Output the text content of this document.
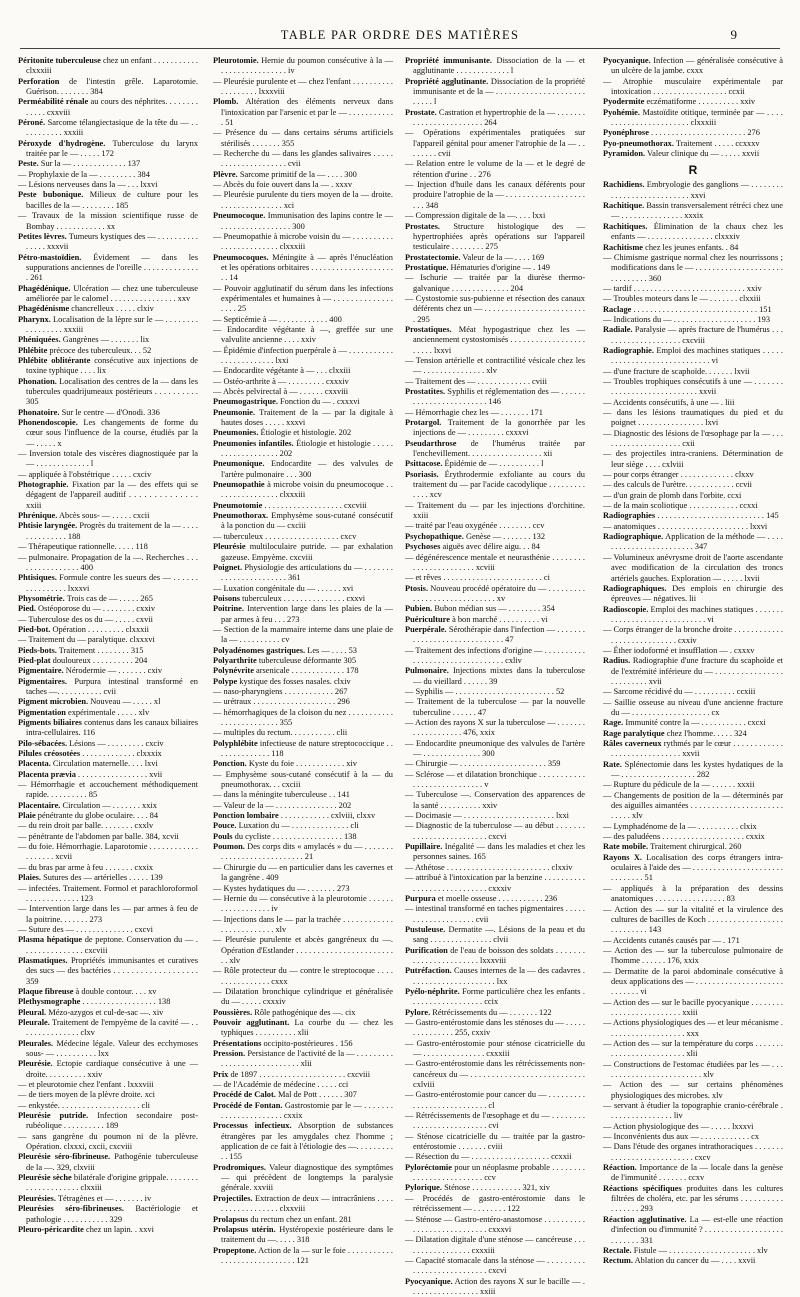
TABLE PAR ORDRE DES MATIÈRES	9
Péritonite tuberculeuse chez un enfant . . . . . . . . . . . clxxxiii
Perforation de l'intestin grêle. Laparotomie. Guérison. . . . . . . . 384
Perméabilité rénale au cours des néphrites. . . . . . . . . . . . . cxxviii
Péroné. Sarcome télangiectasique de la tête du — . . . . . . . . . . . xxxiii
Péroxyde d'hydrogène. Tuberculose du larynx traitée par le — . . . . . 172
Peste. Sur la — . . . . . . . . . . . . . 137
— Prophylaxie de la — . . . . . . . . . 384
— Lésions nerveuses dans la — . . . lxxvi
Peste bubonique. Milieux de culture pour les bacilles de la — . . . . . . . . 185
— Travaux de la mission scientifique russe de Bombay . . . . . . . . . . . . xx
Petites lèvres. Tumeurs kystiques des — . . . . . . . . . . . . . . . xxxvii
Pétro-mastoïdien. Évidement — dans les suppurations anciennes de l'oreille . . . . . . . . . . . . . . 261
Phagédénique. Ulcération — chez une tuberculeuse améliorée par le calomel . . . . . . . . . . . . . . . . xxv
Phagédénisme chancrelleux . . . . . clxiv
Pharynx. Localisation de la lèpre sur le — . . . . . . . . . . . . . . . . . xxxiii
Phéniquées. Gangrènes — . . . . . . . lix
Phlébite précoce des tuberculeux. . . 52
Phlébite oblitérante consécutive aux injections de toxine typhique . . . . lix
Phonation. Localisation des centres de la — dans les tubercules quadrijumeaux postérieurs . . . . . . . . . . 305
Phonatoire. Sur le centre — d'Onodi. 336
Phonendoscopie. Les changements de forme du cœur sous l'influence de la course, étudiés par la — . . . . . x
— Inversion totale des viscères diagnostiquée par la — . . . . . . . . . . . . . l
— appliquée à l'obstétrique . . . . . cxciv
Photographie. Fixation par la — des effets qui se dégagent de l'appareil auditif . . . . . . . . . . . . . . xxiii
Phrénique. Abcès sous- — . . . . . cxcii
Phtisie laryngée. Progrès du traitement de la — . . . . . . . . . . . . . . 188
— Thérapeutique rationnelle. . . . . 118
— pulmonaire. Propagation de la —. Recherches . . . . . . . . . . . . . . . . 400
Phtisiques. Formule contre les sueurs des — . . . . . . . . . . . . . . . . lxxxvi
Physométrie. Trois cas de — . . . . . 265
Pied. Ostéoporose du — . . . . . . . . cxxiv
— Tuberculose des os du — . . . . . cxvii
Pied-bot. Opération . . . . . . . . . clxxxii
— Traitement du — paralytique. clxxxvi
Pieds-bots. Traitement . . . . . . . . 315
Pied-plat douloureux . . . . . . . . . . 204
Pigmentaire. Nérodermie — . . . . . . . cxiv
Pigmentaires. Purpura intestinal transformé en taches —. . . . . . . . . . . cvii
Pigment microbien. Nouveau — . . . . . xl
Pigmentation expérimentale . . . . . xlv
Pigments biliaires contenus dans les canaux biliaires intra-cellulaires. 116
Pilo-sébacées. Lésions — . . . . . . . . . cxciv
Pilules créosotées . . . . . . . . . . . . . clxxxix
Placenta. Circulation maternelle. . . . lxvi
Placenta prævia . . . . . . . . . . . . . . . . . xvii
— Hémorrhagie et accouchement méthodiquement rapide. . . . . . . . . . 85
Placentaire. Circulation — . . . . . . . xxix
Plaie pénétrante du globe oculaire. . . . 84
— du rein droit par balle. . . . . . . . cxxlv
— pénétrante de l'abdomen par balle. 384, xcvii
— du foie. Hémorrhagie. Laparotomie . . . . . . . . . . . . . . . . . . . xcvii
— du bras par arme à feu . . . . . . . cxxix
Plaies. Sutures des — artérielles . . . . . 139
— infectées. Traitement. Formol et parachloroformol . . . . . . . . . . . . . 123
— Intervention large dans les — par armes à feu de la poitrine. . . . . . . 273
— Suture des — . . . . . . . . . . . . . . cxcvi
Plasma hépatique de peptone. Conservation du — . . . . . . . . . . . . . . . cxcviii
Plasmatiques. Propriétés immunisantes et curatives des sucs — des bactéries . . . . . . . . . . . . . . . . . . . 359
Plaque fibreuse à double contour. . . . xv
Plethysmographe . . . . . . . . . . . . . . . . . . 138
Pleural. Mézo-azygos et cul-de-sac —. xiv
Pleurale. Traitement de l'empyème de la cavité — . . . . . . . . . . . . . . . clxv
Pleurales. Médecine légale. Valeur des ecchymoses sous- — . . . . . . . . . . lxx
Pleurésie. Ectopie cardiaque consécutive à une — droite. . . . . . . . . . xxiv
— et pleurotomie chez l'enfant . lxxxviii
— de tiers moyen de la plèvre droite. xci
— enkystée. . . . . . . . . . . . . . . . . . . . cli
Pleurésie putride. Infection secondaire post-rubéolique . . . . . . . . . . 189
— sans gangrène du poumon ni de la plèvre. Opération. clxxxi, cxcii, cxcviii
Pleurésie séro-fibrineuse. Pathogénie tuberculeuse de la —. 329, clxviii
Pleurésie sèche bilatérale d'origine grippale. . . . . . . . . . . . . . . . . . . . . clxxiii
Pleurésies. Tétragènes et — . . . . . . . iv
Pleurésies séro-fibrineuses. Bactériologie et pathologie . . . . . . . . . . . 329
Pleuro-péricardite chez un lapin. . xxvi
Pleurotomie. Hernie du poumon consécutive à la — . . . . . . . . . . . . . . . . iv
— Pleurésie purulente et — chez l'enfant . . . . . . . . . . . . . . . . . . . lxxxviii
Plomb. Altération des éléments nerveux dans l'intoxication par l'arsenic et par le — . . . . . . . . . . . . 51
— Présence du — dans certains sérums artificiels stérilisés . . . . . . . 355
— Recherche du — dans les glandes salivaires . . . . . . . . . . . . . . . . . . . . . cvii
Plèvre. Sarcome primitif de la — . . . . 300
— Abcès du foie ouvert dans la — . xxxv
— Pleurésie purulente du tiers moyen de la — droite. . . . . . . . . . . . . . . . xci
Pneumocoque. Immunisation des lapins contre le — . . . . . . . . . . . . . . . . . 300
— Pneumopathie à microbe voisin du — . . . . . . . . . . . . . . . . . . . . . . . . clxxxiii
Pneumocoques. Méningite à — après l'énucléation et les opérations orbitaires . . . . . . . . . . . . . . . . . . . . . . 14
— Pouvoir agglutinatif du sérum dans les infections expérimentales et humaines à — . . . . . . . . . . . . . . . . . . 25
— Septicémie à — . . . . . . . . . . . . 400
— Endocardite végétante à —, greffée sur une valvulite ancienne . . . . xxiv
— Épidémie d'infection puerpérale à — . . . . . . . . . . . . . . . . . . . . . . . . lxxi
— Endocardite végétante à — . . . clxxiii
— Ostéo-arthrite à — . . . . . . . . . cxxxiv
— Abcès pelvirectal à — . . . . . . cxxviii
Pneumogastrique. Fonction du — . cxxxvi
Pneumonie. Traitement de la — par la digitale à hautes doses . . . . . xxxvi
Pneumonies. Étiologie et histologie. 202
Pneumonies infantiles. Étiologie et histologie . . . . . . . . . . . . . . . . . . . 202
Pneumonique. Endocardite — des valvules de l'artère pulmonaire . . . 300
Pneumopathie à microbe voisin du pneumocoque . . . . . . . . . . . . . . . . clxxxiii
Pneumotomie . . . . . . . . . . . . . . . . . . . cxcviii
Pneumothorax. Emphysème sous-cutané consécutif à la ponction du — cxciii
— tuberculeux . . . . . . . . . . . . . . . . . . cxcv
Pleurésie multiloculaire putride. — par exhalation gazeuse. Empyème. cxcviii
Poignet. Physiologie des articulations du — . . . . . . . . . . . . . . . . . . . . . . . 361
— Luxation congénitale du — . . . . . . xvi
Poisons tuberculeux . . . . . . . . . . . . . . . cxxvi
Poitrine. Intervention large dans les plaies de la — par armes à feu . . . 273
— Section de la mammaire interne dans une plaie de la — . . . . . . . . . . cv
Polyadénomes gastriques. Les — . . . . 53
Polyarthrite tuberculeuse déformante 305
Polynévrite arsenicale . . . . . . . . . . . . . 178
Polype kystique des fosses nasales. clxiv
— naso-pharyngiens . . . . . . . . . . . . 267
— urétraux . . . . . . . . . . . . . . . . . . . . 296
— hémorrhagiques de la cloison du nez . . . . . . . . . . . . . . . . . . . . . . . . . 355
— multiples du rectum. . . . . . . . . . . clii
Polyphlébite infectieuse de nature streptococcique . . . . . . . . . . . . . . 118
Ponction. Kyste du foie . . . . . . . . . . . . xiv
— Emphysème sous-cutané consécutif à la — du pneumothorax. . . cxciii
— dans la méningite tuberculeuse . . 141
— Valeur de la — . . . . . . . . . . . . . . . 202
Ponction lombaire . . . . . . . . . . . . cxlviii, clxxv
Pouce. Luxation du — . . . . . . . . . . . . . . cli
Pouls du cycliste . . . . . . . . . . . . . . . . . 138
Poumon. Des corps dits « amylacés » du — . . . . . . . . . . . . . . . . . . . . . . . . . . . 21
— Chirurgie du — en particulier dans les cavernes et la gangrène . 409
— Kystes hydatiques du — . . . . . . . 273
— Hernie du — consécutive à la pleurotomie . . . . . . . . . . . . . . . . . . iv
— Injections dans le — par la trachée . . . . . . . . . . . . . . . . . . . . . . . . . xlv
— Pleurésie purulente et abcès gangréneux du —. Opération d'Estlander . . . . . . . . . . . . . . . . . . . . . . . . . xlv
— Rôle protecteur du — contre le streptocoque . . . . . . . . . . . . . . . . cxxx
— Dilatation bronchique cylindrique et généralisée du — . . . . . cxxxiv
Poussières. Rôle pathogénique des —. cix
Pouvoir agglutinant. La courbe du — chez les typhiques . . . . . . . . . . xlii
Présentations occipito-postérieures . 156
Pression. Persistance de l'activité de la — . . . . . . . . . . . . . . . . . . . . . . . . . . . . xlii
Prix de 1897 . . . . . . . . . . . . . . . . . . . . . cxcviii
— de l'Académie de médecine . . . . . cci
Procédé de Calot. Mal de Pott . . . . . . 307
Procédé de Fontan. Gastrostomie par le — . . . . . . . . . . . . . . . . . . . . . . cxxix
Processus infectieux. Absorption de substances étrangères par les amygdales chez l'homme ; application de ce fait à l'étiologie des —. . . . . . . . . . . 155
Prodromiques. Valeur diagnostique des symptômes — qui précèdent de longtemps la paralysie générale. xxviii
Projectiles. Extraction de deux — intracrâniens . . . . . . . . . . . . . . . . . . clxxviii
Prolapsus du rectum chez un enfant. 281
Prolapsus utérin. Hystéropexie postérieure dans le traitement du —. . . . . 318
Propeptone. Action de la — sur le foie . . . . . . . . . . . . . . . . . . . . . . . . . . . . . 121
Propriété immunisante. Dissociation de la — et agglutinante . . . . . . . . . . . . . l
Propriété agglutinante. Dissociation de la propriété immunisante et de la — . . . . . . . . . . . . . . . . . . . . . . . . . . l
Prostate. Castration et hypertrophie de la — . . . . . . . . . . . . . . . . . . . . . . . . 264
— Opérations expérimentales pratiquées sur l'appareil génital pour amener l'atrophie de la — . . . . . . . . cvii
— Relation entre le volume de la — et le degré de rétention d'urine . . 276
— Injection d'huile dans les canaux déférents pour produire l'atrophie de la — . . . . . . . . . . . . . . . . . . . . . . 348
— Compression digitale de la —. . . . lxxi
Prostates. Structure histologique des — hypertrophiées après opérations sur l'appareil testiculaire . . . . . . . . 275
Prostatectomie. Valeur de la — . . . . 169
Prostatique. Hématuries d'origine — . 149
— Ischurie — traitée par la diurèse thermo-galvanique . . . . . . . . . . . . . . 204
— Cystostomie sus-pubienne et résection des canaux déférents chez un — . . . . . . . . . . . . . . . . . . . . . . . . . 295
Prostatiques. Méat hypogastrique chez les — anciennement cystostomisés . . . . . . . . . . . . . . . . . . . . . . . lxxvi
— Tension artérielle et contractilité vésicale chez les — . . . . . . . . . . . . . . . xlv
— Traitement des — . . . . . . . . . . . . . cviii
Prostatites. Syphilis et réglementation des — . . . . . . . . . . . . . . . . . . . . . . . . 146
— Hémorrhagie chez les — . . . . . . . 171
Protargol. Traitement de la gonorrhée par les injections de — . . . . . . . . . cxxxvi
Pseudarthrose de l'humérus traitée par l'enchevillement. . . . . . . . . . . . . . . . . . xii
Psittacose. Épidémie de — . . . . . . . . . . l
Psoriasis. Érythrodermie exfoliante au cours du traitement du — par l'acide cacodylique . . . . . . . . . . . . . xcv
— Traitement du — par les injections d'orchitine. xxiii
— traité par l'eau oxygénée . . . . . . . . ccv
Psychopathique. Genèse — . . . . . . . 132
Psychoses aiguës avec délire aigu. . . 84
— dégénérescence mentale et neurasthénie . . . . . . . . . . . . . . . . . . . . . . . xcviii
— et rêves . . . . . . . . . . . . . . . . . . . . . . . . ci
Ptosis. Nouveau procédé opératoire du — . . . . . . . . . . . . . . . . . . . . . . . . . . . . . xv
Pubien. Bubon médian sus — . . . . . . . . 354
Puériculture à bon marché . . . . . . . . . . vi
Puerpérale. Sérothérapie dans l'infection — . . . . . . . . . . . . . . . . . . . . . . . . . . . . . 47
— Traitement des infections d'origine — . . . . . . . . . . . . . . . . . . . . . . . . . . . . . . . . cxliv
Pulmonaire. Injections mixtes dans la tuberculose — du vieillard . . . . . . 39
— Syphilis — . . . . . . . . . . . . . . . . . . . . . . . . 52
— Traitement de la tuberculose — par la nouvelle tuberculine . . . . . . 47
— Action des rayons X sur la tuberculose — . . . . . . . . . . . . . . . . . . . 476, xxix
— Endocardite pneumonique des valvules de l'artère — . . . . . . . . . . . . . . 300
— Chirurgie — . . . . . . . . . . . . . . . . . . . . . 359
— Sclérose — et dilatation bronchique . . . . . . . . . . . . . . . . . . . . . . . . . . . . v
— Tuberculose —. Conservation des apparences de la santé . . . . . . . . . . xxiv
— Docimasie — . . . . . . . . . . . . . . . . . . . . . . lxxi
— Diagnostic de la tuberculose — au début . . . . . . . . . . . . . . . . . . . . . . . . . cxcvi
Pupillaire. Inégalité — dans les maladies et chez les personnes saines. 165
— Athétose . . . . . . . . . . . . . . . . . . . . . . . . . clxxiv
— attribué à l'intoxication par la benzine . . . . . . . . . . . . . . . . . . . . . . . . . . . . cxxxiv
Purpura et moelle osseuse . . . . . . . . . . . 236
— intestinal transformé en taches pigmentaires . . . . . . . . . . . . . . . . . . . . cvii
Pustuleuse. Dermatite —. Lésions de la peau et du sang . . . . . . . . . . . . . . . clvii
Purification de l'eau de boisson des soldats . . . . . . . . . . . . . . . . . . . . . . . lxxxviii
Putréfaction. Causes internes de la — des cadavres . . . . . . . . . . . . . . . . . . . . . lxx
Pyélo-néphrite. Forme particulière chez les enfants . . . . . . . . . . . . . . . . . . ccix
Pylore. Rétrécissements du — . . . . . . . 122
— Gastro-entérostomie dans les sténoses du — . . . . . . . . . . . . . . . 255, cxxiv
— Gastro-entérostomie pour sténose cicatricielle du — . . . . . . . . . . . . . . . cxxxiii
— Gastro-entérostomie dans les rétrécissements non-cancéreux du — . . . . . . . . . . . . . . . . . . . . . . . . . . . cxlviii
— Gastro-entérostomie pour cancer du — . . . . . . . . . . . . . . . . . . . . . . . . . . . cl
— Rétrécissements de l'œsophage et du — . . . . . . . . . . . . . . . . . . . . . . . . . . cvi
— Sténose cicatricielle du — traitée par la gastro-entérostomie . . . . . . . cviii
— Résection du — . . . . . . . . . . . . . . . . . . . ccxxii
Pyloréctomie pour un néoplasme probable . . . . . . . . . . . . . . . . . . . . . . . . . ccv
Pylorique. Sténose . . . . . . . . . . . . 321, xiv
— Procédés de gastro-entérostomie dans le rétrécissement — . . . . . . . . 122
— Sténose — Gastro-entéro-anastomose . . . . . . . . . . . . . . . . . . . . . . . . . . . . cxxxvi
— Dilatation digitale d'une sténose — cancéreuse . . . . . . . . . . . . . . . . . cxxxiii
— Capacité stomacale dans la sténose — . . . . . . . . . . . . . . . . . . . . . . . . . . . cxcvi
Pyocyanique. Action des rayons X sur le bacille — . . . . . . . . . . . . . . . . . xxiii
Pyocyanique. Infection — généralisée consécutive à un ulcère de la jambe. cxxx
— Atrophie musculaire expérimentale par intoxication . . . . . . . . . . . . . . . . . . ccxii
Pyodermite eczématiforme . . . . . . . . . . xxiv
Pyohémie. Mastoïdite otitique, terminée par — . . . . . . . . . . . . . . . . . . . . . . . clxxxiii
Pyonéphrose . . . . . . . . . . . . . . . . . . . . . . . 276
Pyo-pneumothorax. Traitement . . . . . ccxxxv
Pyramidon. Valeur clinique du — . . . . . xxvii
R
Rachidiens. Embryologie des ganglions — . . . . . . . . . . . . . . . . . . . . . . . . . . . xxvi
Rachitique. Bassin transversalement rétréci chez une — . . . . . . . . . . . . . . . xxxix
Rachitiques. Élimination de la chaux chez les enfants — . . . . . . . . . . . . . . . . clxxxiv
Rachitisme chez les jeunes enfants. . 84
— Chimisme gastrique normal chez les nourrissons ; modifications dans le — . . . . . . . . . . . . . . . . . . . . . . . . . . . . . . 360
— tardif . . . . . . . . . . . . . . . . . . . . . . . . . . . xxiv
— Troubles moteurs dans le — . . . . . . . clxxiii
Raclage . . . . . . . . . . . . . . . . . . . . . . . . . . . . . . 151
— Indications du — . . . . . . . . . . . . . . . . . . . . 193
Radiale. Paralysie — après fracture de l'humérus . . . . . . . . . . . . . . . . . . . . cxcviii
Radiographie. Emploi des machines statiques . . . . . . . . . . . . . . . . . . . . . . . . . . . . . vi
— d'une fracture de scaphoïde. . . . . . . lxvii
— Troubles trophiques consécutifs à une — . . . . . . . . . . . . . . . . . . . . . . . . . . . . xxvii
— Accidents consécutifs, à une — . liii
— dans les lésions traumatiques du pied et du poignet . . . . . . . . . . . . . . . . lxvi
— Diagnostic des lésions de l'œsophage par la — . . . . . . . . . . . . . . . . . . . . cxii
— des projectiles intra-craniens. Détermination de leur siège . . . . cxlviii
— pour corps étranger . . . . . . . . . . . . . clxxv
— des calculs de l'urètre. . . . . . . . . . . . ccvii
— d'un grain de plomb dans l'orbite. ccxi
— de la main scoliotique . . . . . . . . . . . . ccxxi
Radiographies . . . . . . . . . . . . . . . . . . . . . . . . . . 145
— anatomiques . . . . . . . . . . . . . . . . . . . . . . lxxvi
Radiographique. Application de la méthode — . . . . . . . . . . . . . . . . . . . . . . . . 347
— Volumineux anévrysme droit de l'aorte ascendante avec modification de la circulation des troncs artériels gauches. Exploration — . . . . . lxvii
Radiographiques. Des emplois en chirurgie des épreuves — négatives. lii
Radioscopie. Emploi des machines statiques . . . . . . . . . . . . . . . . . . . . . . . . . . . . . . vi
— Corps étranger de la bronche droite . . . . . . . . . . . . . . . . . . . . . . . . . . . . cxxiv
— Éther iodoformé et insufflation — . cxxxv
Radius. Radiographie d'une fracture du scaphoïde et de l'extrémité inférieure du — . . . . . . . . . . . . . . . . . . . . . . . . . xvii
— Sarcome récidivé du — . . . . . . . . . . ccxiii
— Saillie osseuse au niveau d'une ancienne fracture du — . . . . . . . . . . . . . . . . . . . cx
Rage. Immunité contre la — . . . . . . . . . . . cxcxi
Rage paralytique chez l'homme. . . . . 324
Râles caverneux rythmés par le cœur . . . . . . . . . . . . . . . . . . . . . . . . . . . . . xxvii
Rate. Splénectomie dans les kystes hydatiques de la — . . . . . . . . . . . . . . . . . . 282
— Rupture du pédicule de la — . . . . . . xxxii
— Changements de position de la — déterminés par des aiguilles aimantées . . . . . . . . . . . . . . . . . . . . . . . . . . . xlv
— Lymphadénome de la — . . . . . . . . . . clxix
— des paludéens . . . . . . . . . . . . . . . . . . . . cxxix
Rate mobile. Traitement chirurgical. 260
Rayons X. Localisation des corps étrangers intra-oculaires à l'aide des — . . . . . . . . . . . . . . . . . . . . . . . . . . . . . . 51
— appliqués à la préparation des dessins anatomiques . . . . . . . . . . . . . . . . . 83
— Action des — sur la vitalité et la virulence des cultures de bacilles de Koch . . . . . . . . . . . . . . . . . . . . . . . . . . . 143
— Accidents cutanés causés par — . 171
— Action des — sur la tuberculose pulmonaire de l'homme . . . . . . 176, xxix
— Dermatite de la paroi abdominale consécutive à deux applications des — . . . . . . . . . . . . . . . . . . . . . . . . . . . . vi
— Action des — sur le bacille pyocyanique . . . . . . . . . . . . . . . . . . . . . . . . . xxiii
— Actions physiologiques des — et leur mécanisme . . . . . . . . . . . . . . . . . . . xxx
— Action des — sur la température du corps . . . . . . . . . . . . . . . . . . . . . . . . . xlii
— Constructions de l'estomac étudiées par les — . . . . . . . . . . . . . . . . . . . . . . . . . xlv
— Action des — sur certains phénomènes physiologiques des microbes. xlv
— servant à étudier la topographie cranio-cérébrale . . . . . . . . . . . . . . . . liv
— Action physiologique des — . . . . . lxxxvi
— Inconvénients dus aux — . . . . . . . . . . . . cx
— Dans l'étude des organes intrathoraciques . . . . . . . . . . . . . . . . . . . . . . . . . . . cxcv
Réaction. Importance de la — locale dans la genèse de l'immunité . . . . . . . ccxv
Réactions spécifiques produites dans les cultures filtrées de choléra, etc. par les sérums . . . . . . . . . . . . . . . . . 293
Réaction agglutinative. La — est-elle une réaction d'infection ou d'immunité ? . . . . . . . . . . . . . . . . . . . . . . . . . . 331
Rectale. Fistule — . . . . . . . . . . . . . . . . . . . . . xlv
Rectum. Ablation du cancer du — . . . . xxvii
